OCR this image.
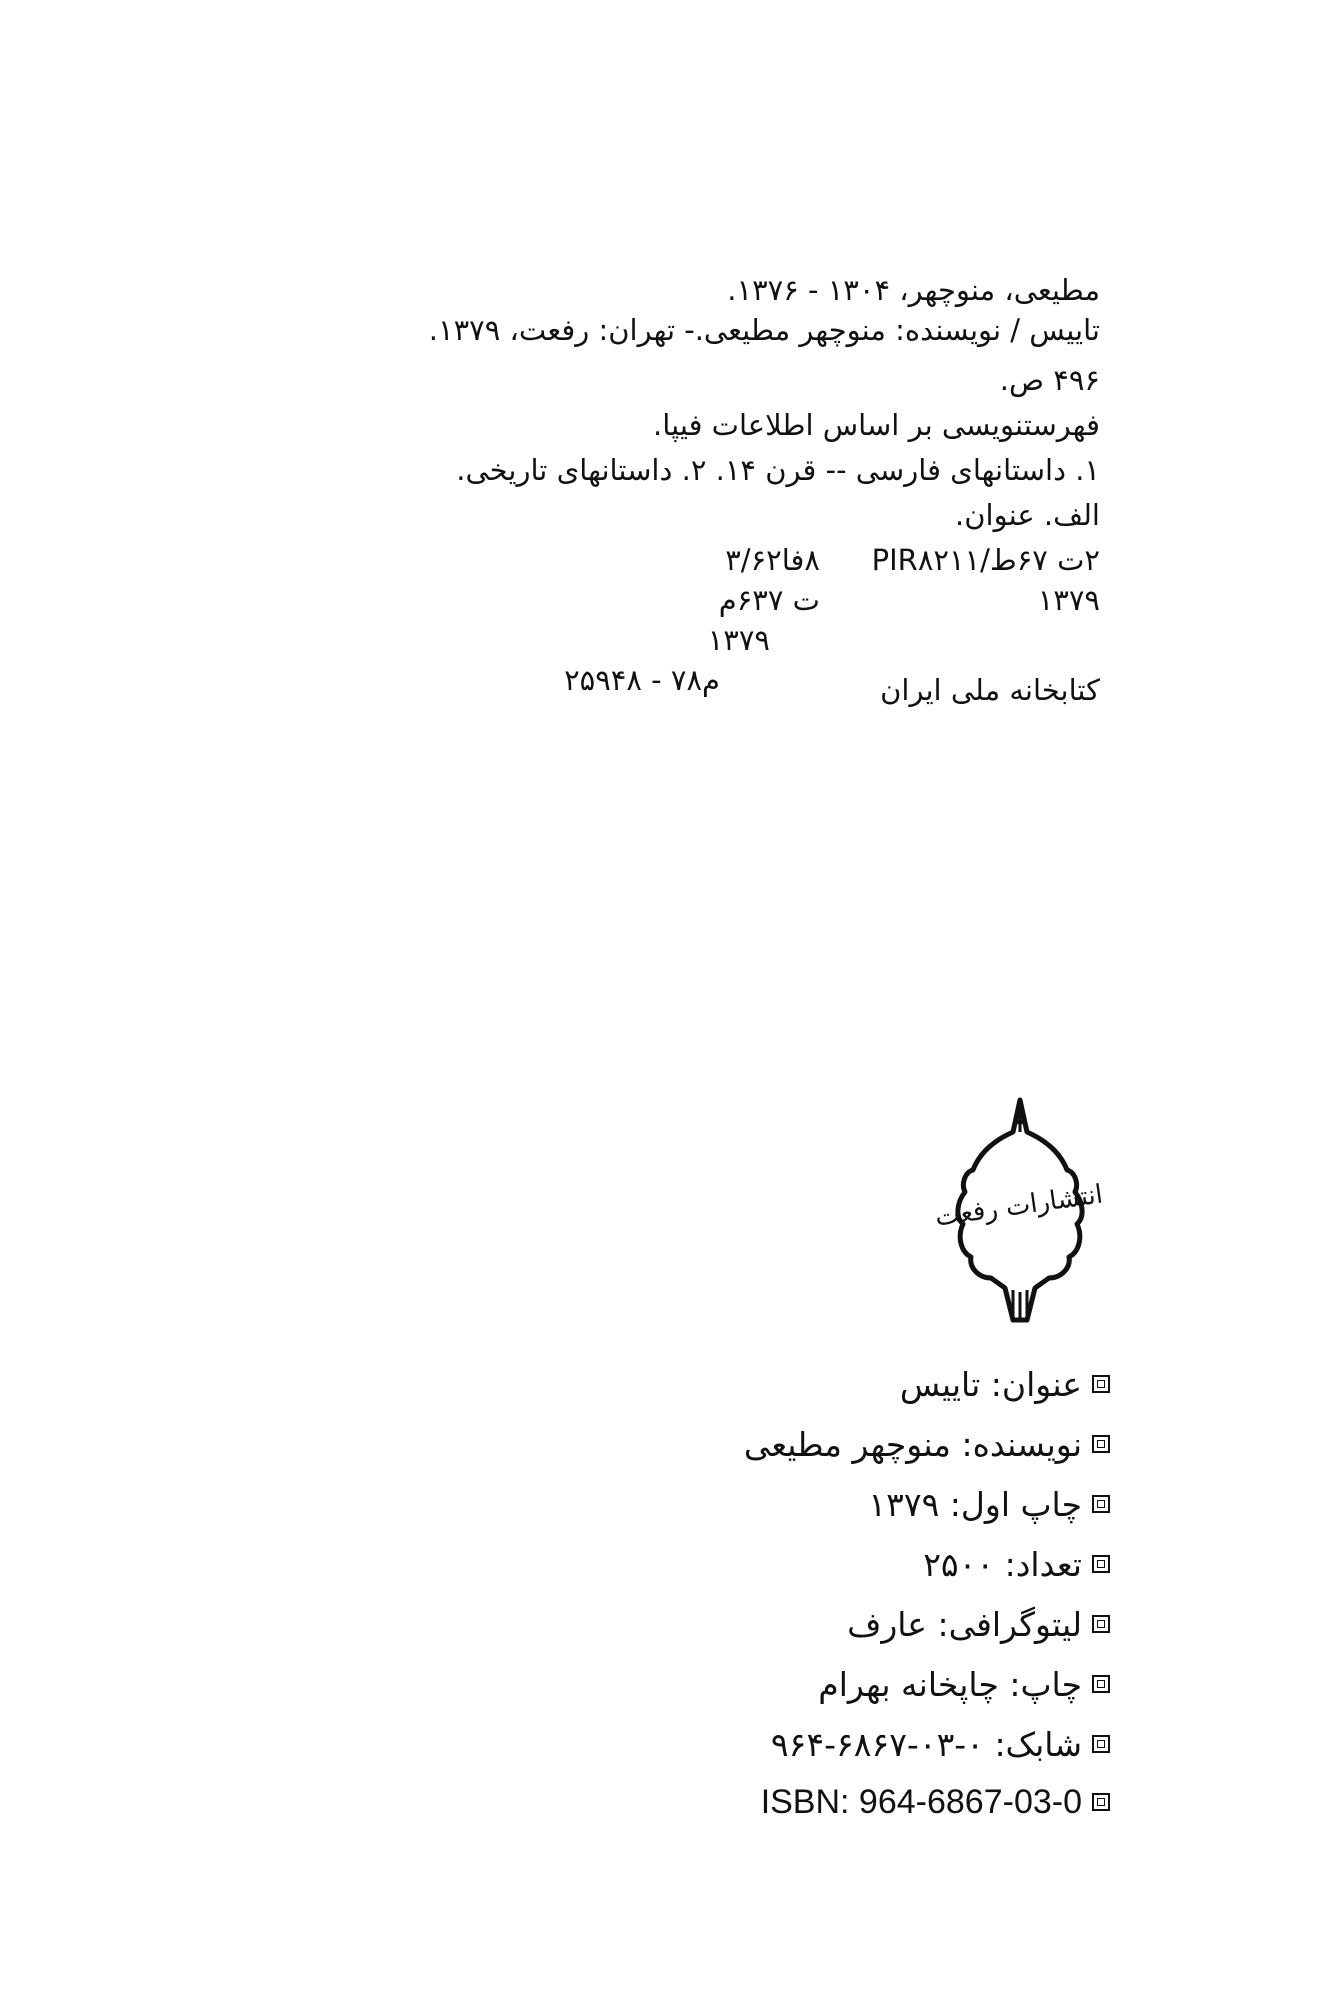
مطیعی، منوچهر، ۱۳۰۴ - ۱۳۷۶.
تاییس / نویسنده: منوچهر مطیعی.- تهران: رفعت، ۱۳۷۹.
۴۹۶ ص.
فهرستنویسی بر اساس اطلاعات فیپا.
۱. داستانهای فارسی -- قرن ۱۴. ۲. داستانهای تاریخی.
الف. عنوان.
۲ت ۶۷ط/PIR۸۲۱۱
۸فا۳/۶۲
۱۳۷۹
ت ۶۳۷م
۱۳۷۹
کتابخانه ملی ایران
م۷۸ - ۲۵۹۴۸
انتشارات رفعت
عنوان: تاییس
نویسنده: منوچهر مطیعی
چاپ اول: ۱۳۷۹
تعداد: ۲۵۰۰
لیتوگرافی: عارف
چاپ: چاپخانه بهرام
شابک: ۰-۰۳-۶۸۶۷-۹۶۴
ISBN: 964-6867-03-0
